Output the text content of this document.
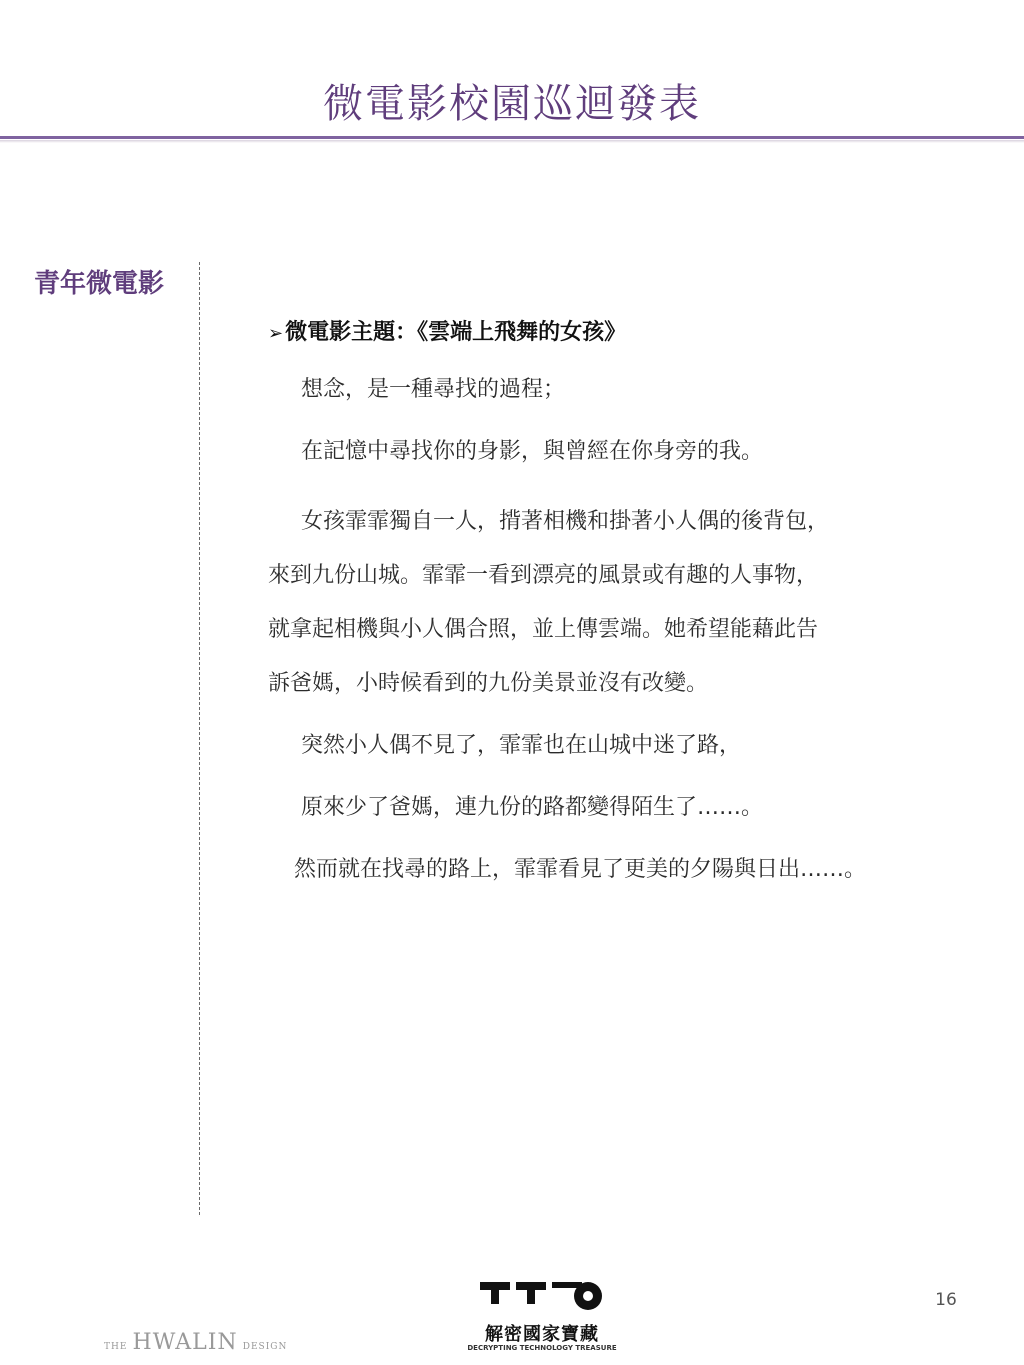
微電影校園巡迴發表
青年微電影
➢微電影主題：《雲端上飛舞的女孩》
想念，是一種尋找的過程；
在記憶中尋找你的身影，與曾經在你身旁的我。
女孩霏霏獨自一人，揹著相機和掛著小人偶的後背包，
來到九份山城。霏霏一看到漂亮的風景或有趣的人事物，
就拿起相機與小人偶合照，並上傳雲端。她希望能藉此告
訴爸媽，小時候看到的九份美景並沒有改變。
突然小人偶不見了，霏霏也在山城中迷了路，
原來少了爸媽，連九份的路都變得陌生了……。
然而就在找尋的路上，霏霏看見了更美的夕陽與日出……。
16
解密國家寶藏
DECRYPTING TECHNOLOGY TREASURE
THE HWALIN DESIGN
